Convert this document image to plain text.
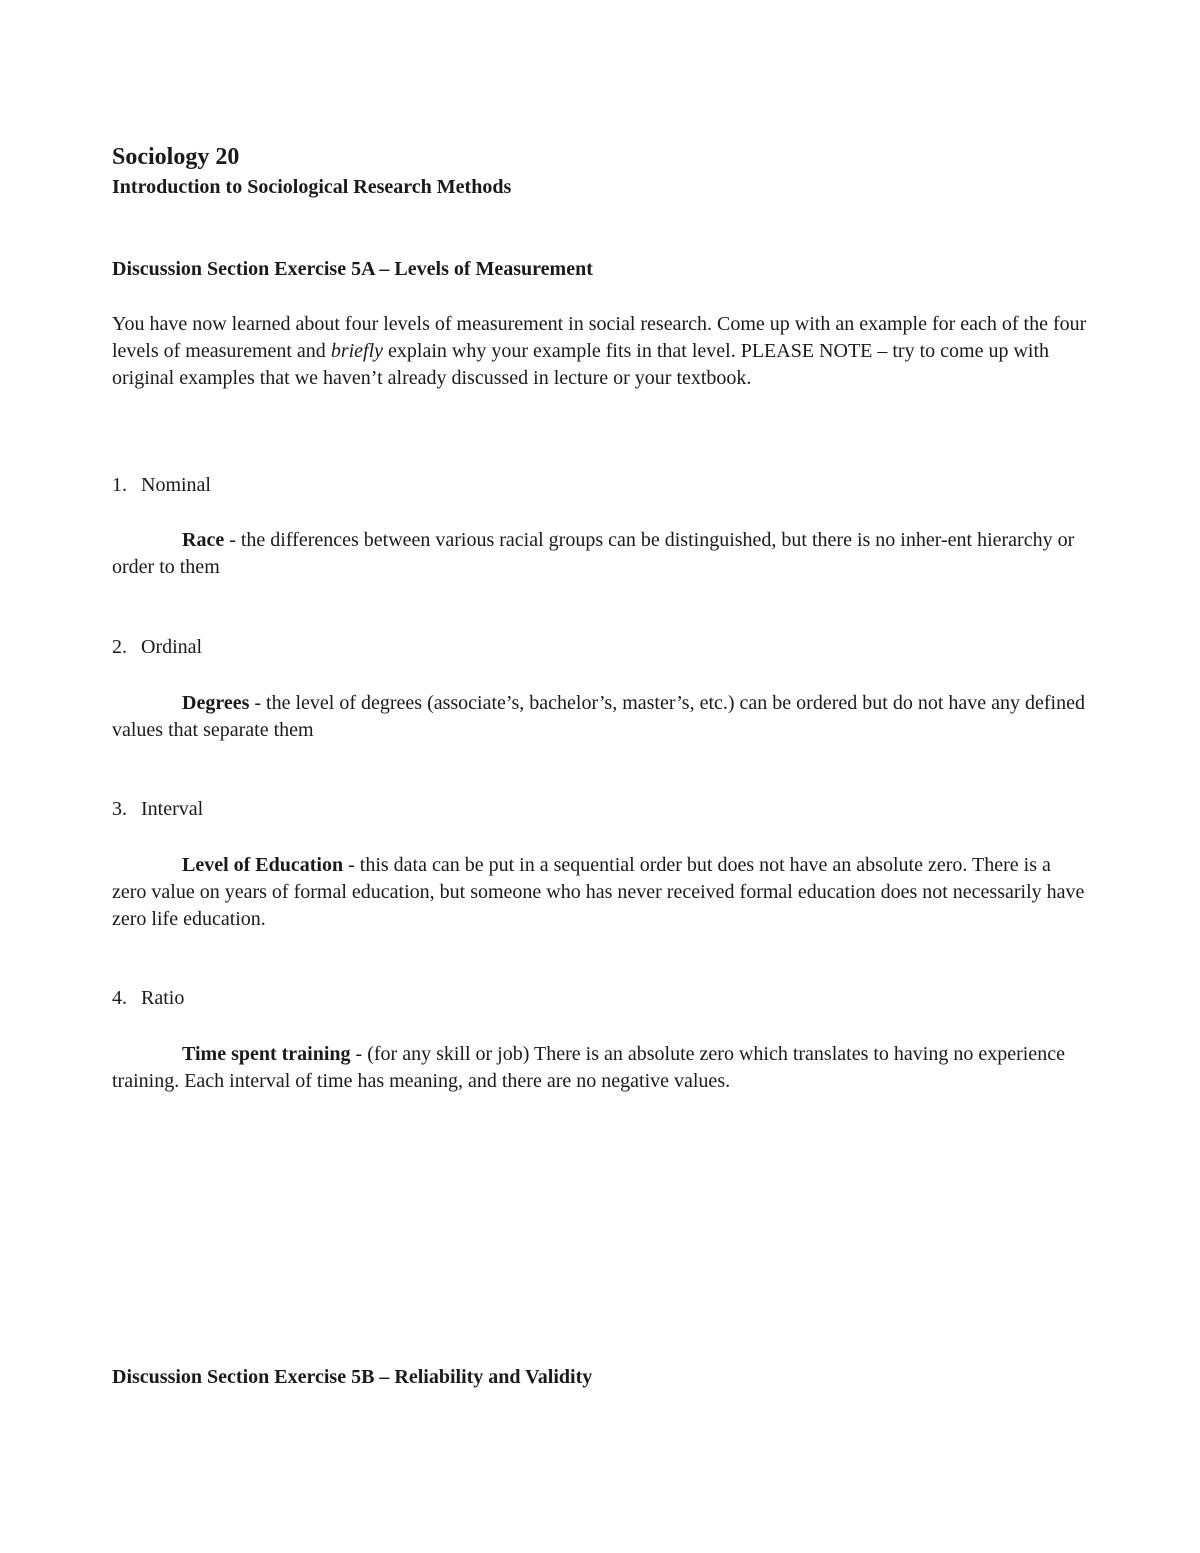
Sociology 20
Introduction to Sociological Research Methods
Discussion Section Exercise 5A – Levels of Measurement

You have now learned about four levels of measurement in social research. Come up with an example for each of the four levels of measurement and briefly explain why your example fits in that level. PLEASE NOTE – try to come up with original examples that we haven’t already discussed in lecture or your textbook.

1. Nominal

Race - the differences between various racial groups can be distinguished, but there is no inher-ent hierarchy or order to them

2. Ordinal

Degrees - the level of degrees (associate’s, bachelor’s, master’s, etc.) can be ordered but do not have any defined values that separate them

3. Interval

Level of Education - this data can be put in a sequential order but does not have an absolute zero. There is a zero value on years of formal education, but someone who has never received formal education does not necessarily have zero life education.

4. Ratio

Time spent training - (for any skill or job) There is an absolute zero which translates to having no experience training. Each interval of time has meaning, and there are no negative values.

Discussion Section Exercise 5B – Reliability and Validity
